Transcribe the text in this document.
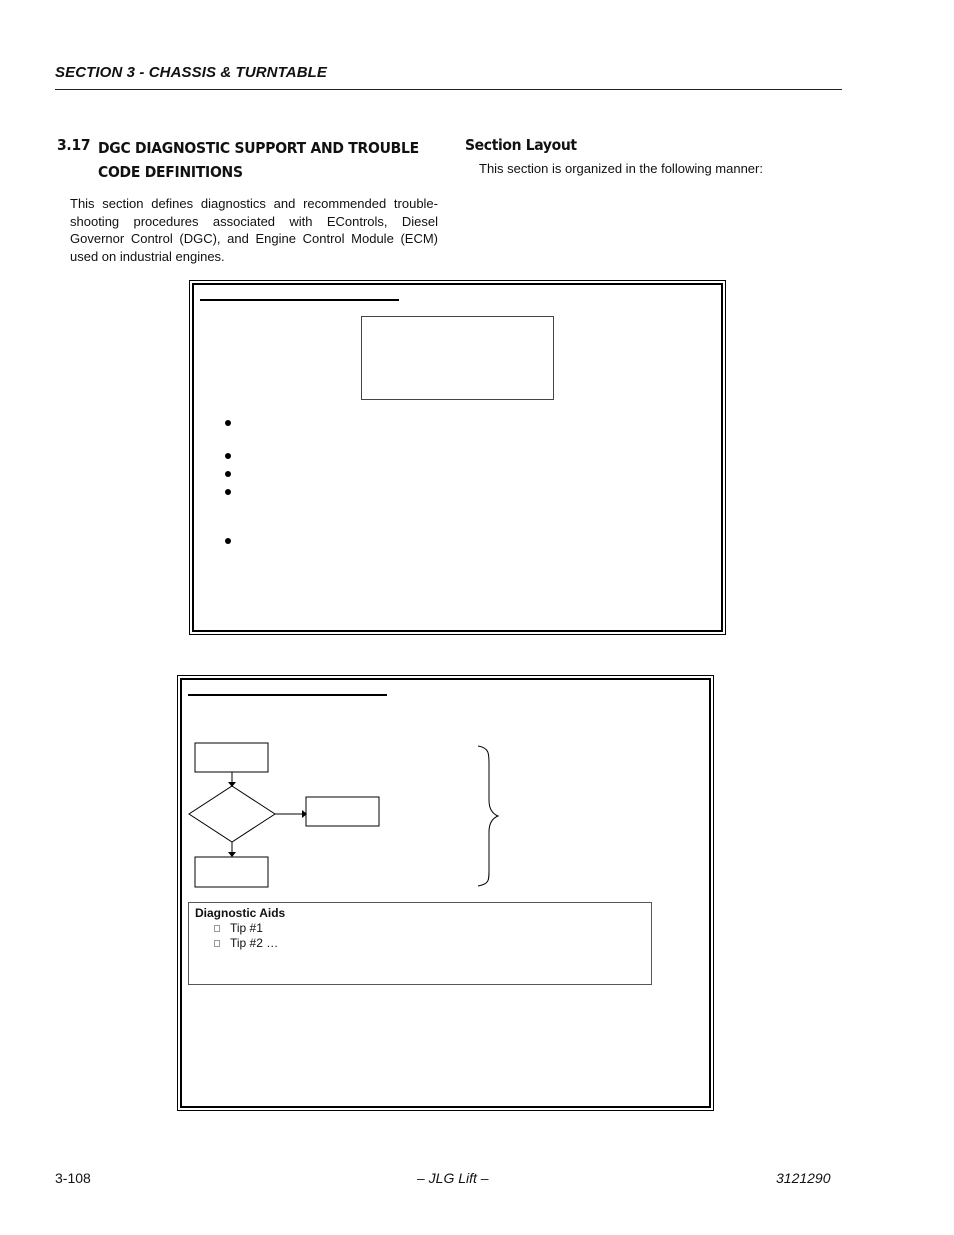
SECTION 3 - CHASSIS & TURNTABLE
3.17 DGC DIAGNOSTIC SUPPORT AND TROUBLE CODE DEFINITIONS
This section defines diagnostics and recommended trouble-shooting procedures associated with EControls, Diesel Governor Control (DGC), and Engine Control Module (ECM) used on industrial engines.
Section Layout
This section is organized in the following manner:
Diagnostic Aids
Tip #1
Tip #2 …
3-108	– JLG Lift –	3121290
